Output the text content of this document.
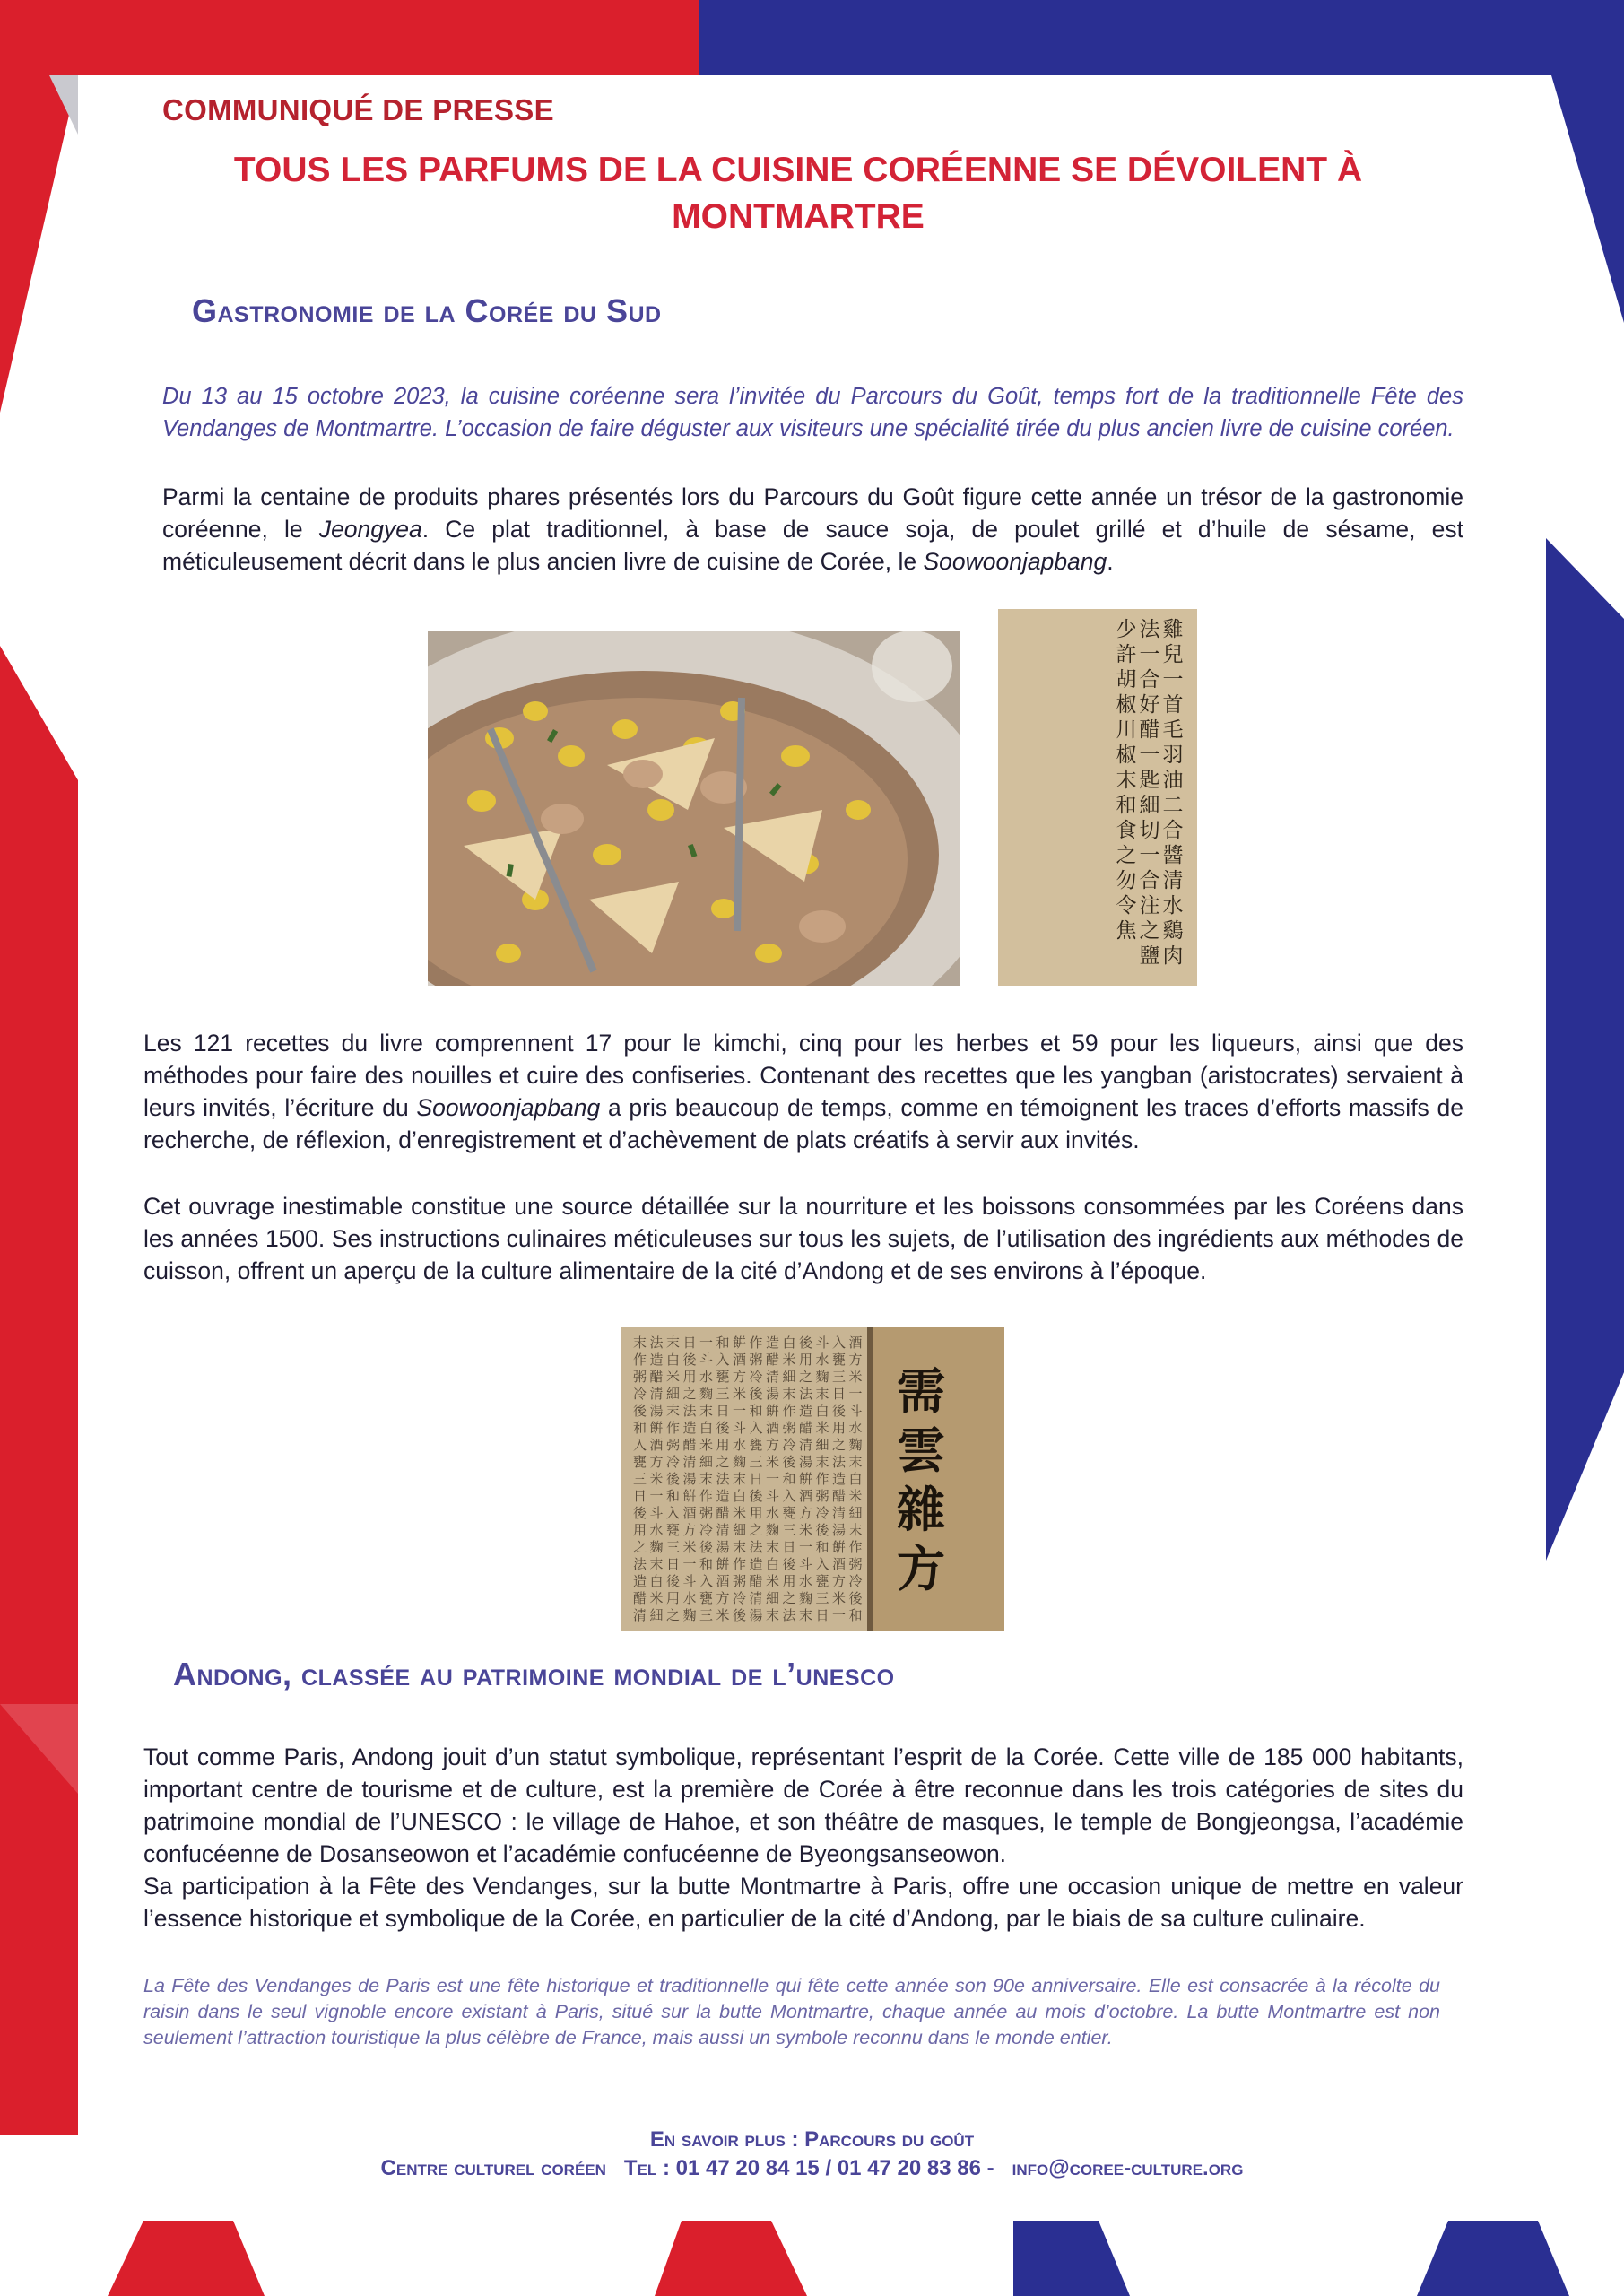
COMMUNIQUÉ DE PRESSE
TOUS LES PARFUMS DE LA CUISINE CORÉENNE SE DÉVOILENT À MONTMARTRE
Gastronomie de la Corée du Sud

Du 13 au 15 octobre 2023, la cuisine coréenne sera l’invitée du Parcours du Goût, temps fort de la traditionnelle Fête des Vendanges de Montmartre. L’occasion de faire déguster aux visiteurs une spécialité tirée du plus ancien livre de cuisine coréen.

Parmi la centaine de produits phares présentés lors du Parcours du Goût figure cette année un trésor de la gastronomie coréenne, le Jeongyea. Ce plat traditionnel, à base de sauce soja, de poulet grillé et d’huile de sésame, est méticuleusement décrit dans le plus ancien livre de cuisine de Corée, le Soowoonjapbang.

雞
兒
一
首
毛
羽
油
二
合
醬
清
水
鷄
肉
法
一
合
好
醋
一
匙
細
切
一
合
注
之
鹽
少
許
胡
椒
川
椒
末
和
食
之
勿
令
焦

Les 121 recettes du livre comprennent 17 pour le kimchi, cinq pour les herbes et 59 pour les liqueurs, ainsi que des méthodes pour faire des nouilles et cuire des confiseries. Contenant des recettes que les yangban (aristocrates) servaient à leurs invités, l’écriture du Soowoonjapbang a pris beaucoup de temps, comme en témoignent les traces d’efforts massifs de recherche, de réflexion, d’enregistrement et d’achèvement de plats créatifs à servir aux invités.

Cet ouvrage inestimable constitue une source détaillée sur la nourriture et les boissons consommées par les Coréens dans les années 1500. Ses instructions culinaires méticuleuses sur tous les sujets, de l’utilisation des ingrédients aux méthodes de cuisson, offrent un aperçu de la culture alimentaire de la cité d’Andong et de ses environs à l’époque.

酒
方
米
一
斗
水
麴
末
白
米
細
末
作
粥
冷
後
和
入
甕
三
日
後
用
之
法
造
醋
清
湯
餠
酒
方
米
一
斗
水
麴
末
白
米
細
末
作
粥
冷
後
和
入
甕
三
日
後
用
之
法
造
醋
清
湯
餠
酒
方
米
一
斗
水
麴
末
白
米
細
末
作
粥
冷
後
和
入
甕
三
日
後
用
之
法
造
醋
清
湯
餠
酒
方
米
一
斗
水
麴
末
白
米
細
末
作
粥
冷
後
和
入
甕
三
日
後
用
之
法
造
醋
清
湯
餠
酒
方
米
一
斗
水
麴
末
白
米
細
末
作
粥
冷
後
和
入
甕
三
日
後
用
之
法
造
醋
清
湯
餠
酒
方
米
一
斗
水
麴
末
白
米
細
末
作
粥
冷
後
和
入
甕
三
日
後
用
之
法
造
醋
清
湯
餠
酒
方
米
一
斗
水
麴
末
白
米
細
末
作
粥
冷
後
和
入
甕
三
日
後
用
之
法
造
醋
清
湯
餠
酒
方
米
一
斗
水
麴
末
白
米
細
末
作
粥
冷
後
和
入
甕
三
日
後
用
之
法
造
醋
清
需雲雜方
Andong, classée au patrimoine mondial de l’unesco

Tout comme Paris, Andong jouit d’un statut symbolique, représentant l’esprit de la Corée. Cette ville de 185 000 habitants, important centre de tourisme et de culture, est la première de Corée à être reconnue dans les trois catégories de sites du patrimoine mondial de l’UNESCO : le village de Hahoe, et son théâtre de masques, le temple de Bongjeongsa, l’académie confucéenne de Dosanseowon et l’académie confucéenne de Byeongsanseowon.

Sa participation à la Fête des Vendanges, sur la butte Montmartre à Paris, offre une occasion unique de mettre en valeur l’essence historique et symbolique de la Corée, en particulier de la cité d’Andong, par le biais de sa culture culinaire.

La Fête des Vendanges de Paris est une fête historique et traditionnelle qui fête cette année son 90e anniversaire. Elle est consacrée à la récolte du raisin dans le seul vignoble encore existant à Paris, situé sur la butte Montmartre, chaque année au mois d’octobre. La butte Montmartre est non seulement l’attraction touristique la plus célèbre de France, mais aussi un symbole reconnu dans le monde entier.

En savoir plus : Parcours du goût
Centre culturel coréen Tel : 01 47 20 84 15 / 01 47 20 83 86 - info@coree-culture.org
